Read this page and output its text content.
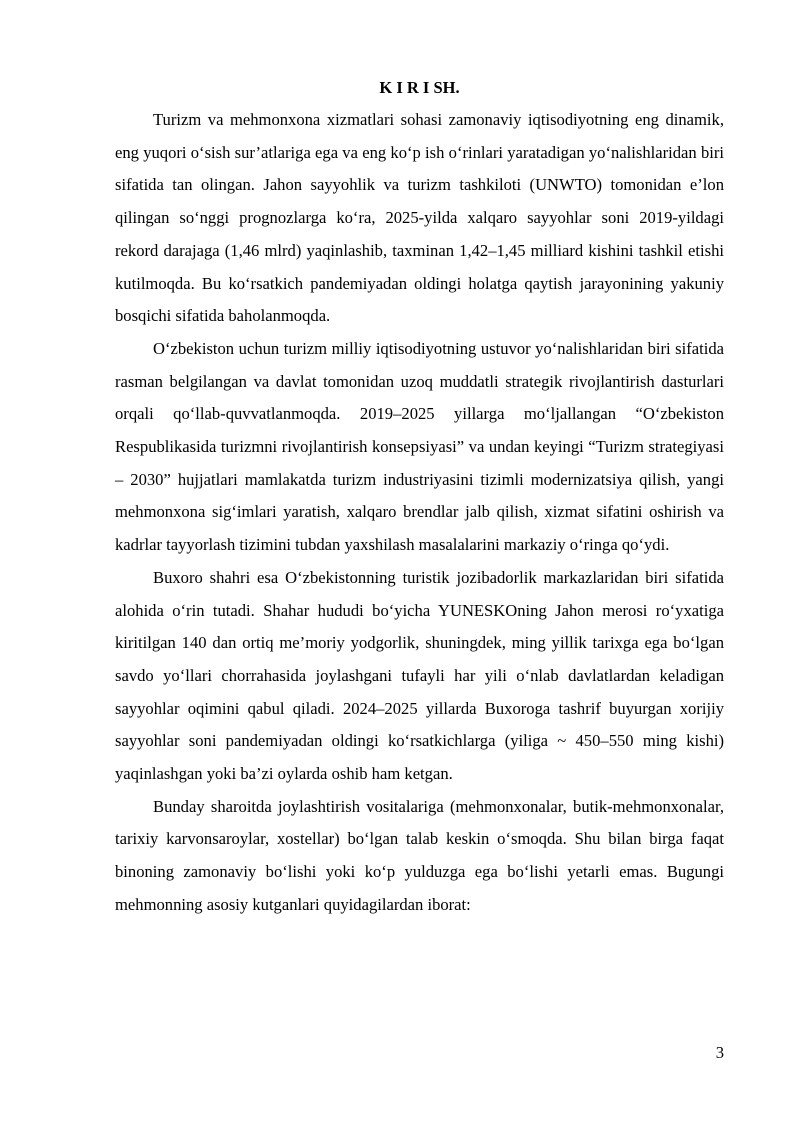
K I R I SH.

Turizm va mehmonxona xizmatlari sohasi zamonaviy iqtisodiyotning eng dinamik, eng yuqori o‘sish sur’atlariga ega va eng ko‘p ish o‘rinlari yaratadigan yo‘nalishlaridan biri sifatida tan olingan. Jahon sayyohlik va turizm tashkiloti (UNWTO) tomonidan e’lon qilingan so‘nggi prognozlarga ko‘ra, 2025-yilda xalqaro sayyohlar soni 2019-yildagi rekord darajaga (1,46 mlrd) yaqinlashib, taxminan 1,42–1,45 milliard kishini tashkil etishi kutilmoqda. Bu ko‘rsatkich pandemiyadan oldingi holatga qaytish jarayonining yakuniy bosqichi sifatida baholanmoqda.

O‘zbekiston uchun turizm milliy iqtisodiyotning ustuvor yo‘nalishlaridan biri sifatida rasman belgilangan va davlat tomonidan uzoq muddatli strategik rivojlantirish dasturlari orqali qo‘llab-quvvatlanmoqda. 2019–2025 yillarga mo‘ljallangan “O‘zbekiston Respublikasida turizmni rivojlantirish konsepsiyasi” va undan keyingi “Turizm strategiyasi – 2030” hujjatlari mamlakatda turizm industriyasini tizimli modernizatsiya qilish, yangi mehmonxona sig‘imlari yaratish, xalqaro brendlar jalb qilish, xizmat sifatini oshirish va kadrlar tayyorlash tizimini tubdan yaxshilash masalalarini markaziy o‘ringa qo‘ydi.

Buxoro shahri esa O‘zbekistonning turistik jozibadorlik markazlaridan biri sifatida alohida o‘rin tutadi. Shahar hududi bo‘yicha YUNESKOning Jahon merosi ro‘yxatiga kiritilgan 140 dan ortiq me’moriy yodgorlik, shuningdek, ming yillik tarixga ega bo‘lgan savdo yo‘llari chorrahasida joylashgani tufayli har yili o‘nlab davlatlardan keladigan sayyohlar oqimini qabul qiladi. 2024–2025 yillarda Buxoroga tashrif buyurgan xorijiy sayyohlar soni pandemiyadan oldingi ko‘rsatkichlarga (yiliga ~ 450–550 ming kishi) yaqinlashgan yoki ba’zi oylarda oshib ham ketgan.

Bunday sharoitda joylashtirish vositalariga (mehmonxonalar, butik-mehmonxonalar, tarixiy karvonsaroylar, xostellar) bo‘lgan talab keskin o‘smoqda. Shu bilan birga faqat binoning zamonaviy bo‘lishi yoki ko‘p yulduzga ega bo‘lishi yetarli emas. Bugungi mehmonning asosiy kutganlari quyidagilardan iborat:

3
